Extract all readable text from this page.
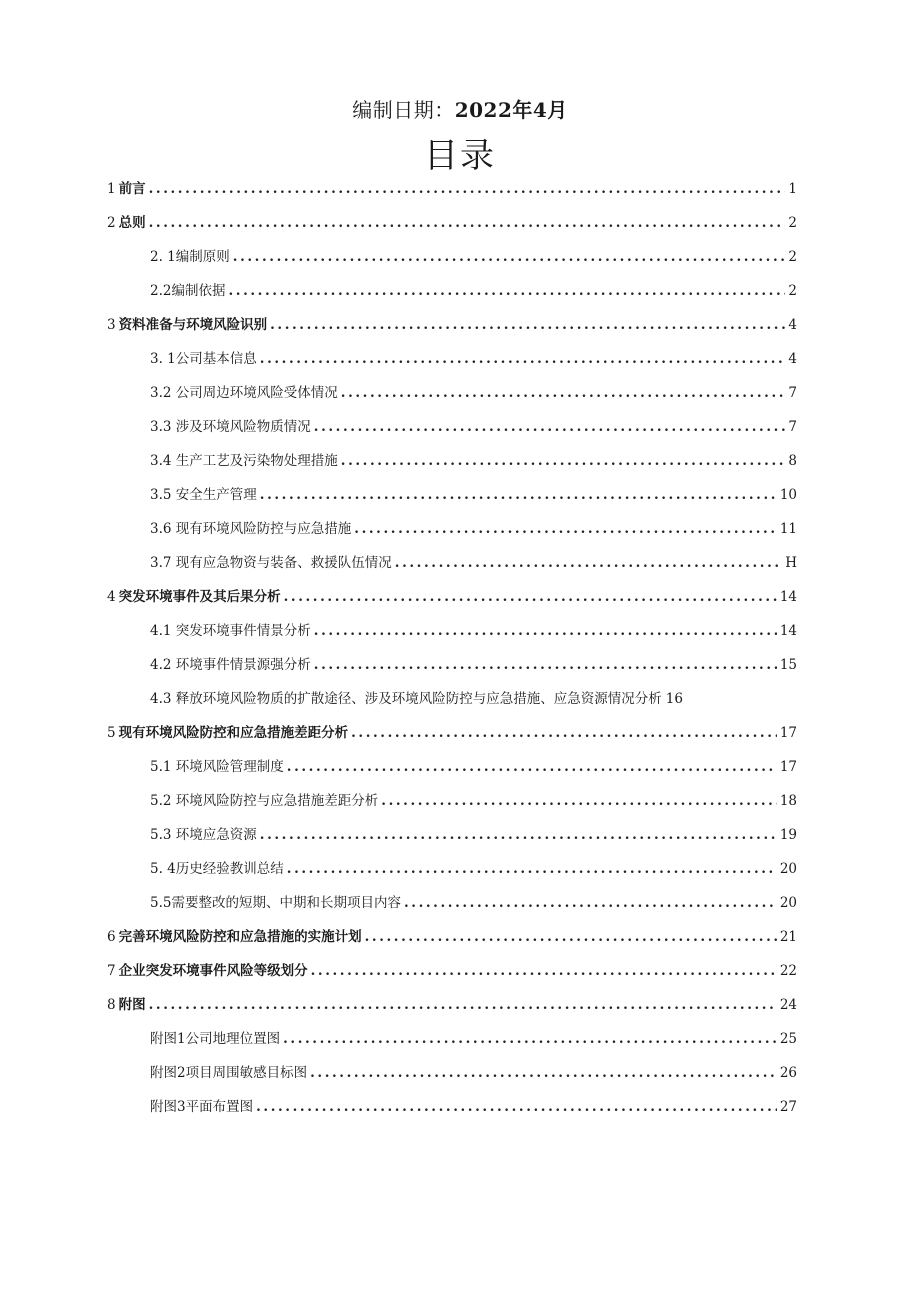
编制日期：2022年4月
目录
1 前言 .....	1
2 总则 .....	2
2. 1编制原则 .....	2
2.2编制依据 .....	2
3 资料准备与环境风险识别 .....	4
3. 1公司基本信息 .....	4
3.2 公司周边环境风险受体情况 .....	7
3.3 涉及环境风险物质情况 .....	7
3.4 生产工艺及污染物处理措施 .....	8
3.5 安全生产管理 .....	10
3.6 现有环境风险防控与应急措施 .....	11
3.7 现有应急物资与装备、救援队伍情况 .....	H
4 突发环境事件及其后果分析 .....	14
4.1 突发环境事件情景分析 .....	14
4.2 环境事件情景源强分析 .....	15
4.3 释放环境风险物质的扩散途径、涉及环境风险防控与应急措施、应急资源情况分析 16
5 现有环境风险防控和应急措施差距分析 .....	17
5.1 环境风险管理制度 .....	17
5.2 环境风险防控与应急措施差距分析 .....	18
5.3 环境应急资源 .....	19
5. 4历史经验教训总结 .....	20
5.5需要整改的短期、中期和长期项目内容 .....	20
6 完善环境风险防控和应急措施的实施计划 .....	21
7 企业突发环境事件风险等级划分 .....	22
8 附图 .....	24
附图1公司地理位置图 .....	25
附图2项目周围敏感目标图 .....	26
附图3平面布置图 .....	27
